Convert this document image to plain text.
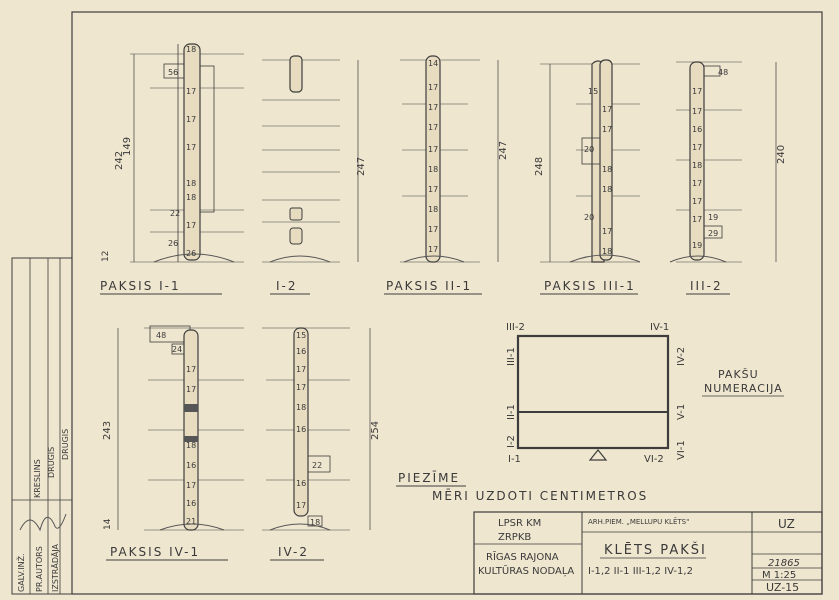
GALV.INŽ. PR.AUTORS IZSTRĀDĀJA
KRESLINS DRUGIS
DRUGIS
242
149
12
18
56
17
17
17
18
18
22
17
26
26
PAKSIS I-1
247
I-2
247
14
17
17
17
17
18
17
18
17
17
PAKSIS II-1
248
15
17
17
20
18
18
20
17
18
PAKSIS III-1
240
48
17
17
16
17
18
17
17
17 19
29
19
III-2
243
14
48
24
17
17
18
16
17
16
21
PAKSIS IV-1
254
15
16
17
17
18
16
16
22
17
18
IV-2
III-2	IV-1
I-1	VI-2
III-1
II-1
I-2
IV-2
V-1
VI-1
PAKŠU
NUMERACIJA
PIEZĪME
MĒRI UZDOTI CENTIMETROS
LPSR KM
ZRPKB
RĪGAS RAJONA
KULTŪRAS NODAĻA
ARH.PIEM. „MELLUPU KLĒTS"
KLĒTS PAKŠI
I-1,2 II-1 III-1,2 IV-1,2
UZ
21865
M 1:25
UZ-15
